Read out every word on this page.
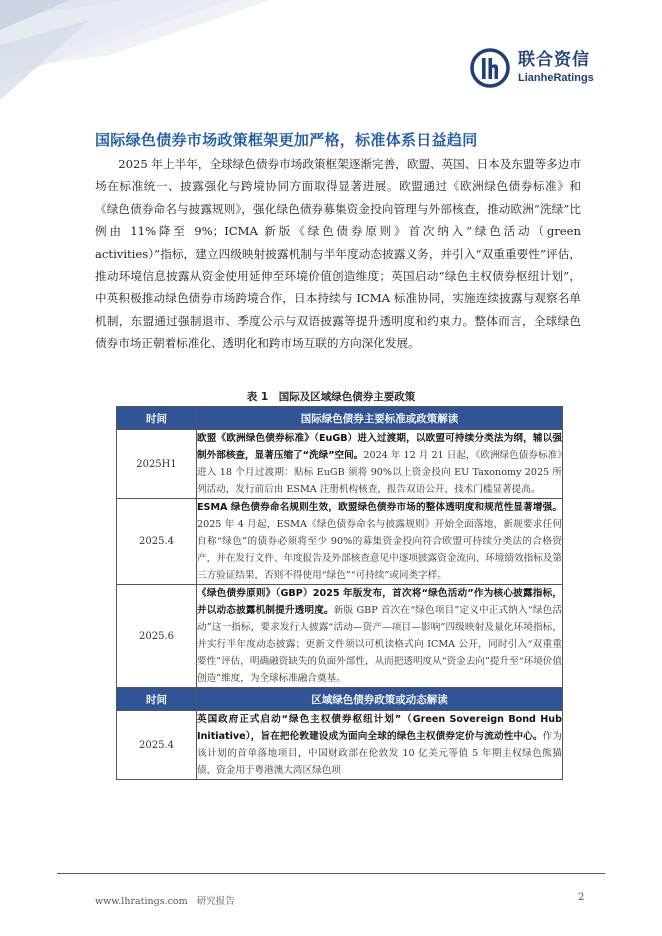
联合资信
LianheRatings
国际绿色债券市场政策框架更加严格，标准体系日益趋同

2025 年上半年，全球绿色债券市场政策框架逐渐完善，欧盟、英国、日本及东盟等多边市场在标准统一、披露强化与跨境协同方面取得显著进展。欧盟通过《欧洲绿色债券标准》和《绿色债券命名与披露规则》，强化绿色债券募集资金投向管理与外部核查，推动欧洲“洗绿”比例由 11%降至 9%；ICMA 新版《绿色债券原则》首次纳入“绿色活动（green activities）”指标，建立四级映射披露机制与半年度动态披露义务，并引入“双重重要性”评估，推动环境信息披露从资金使用延伸至环境价值创造维度；英国启动“绿色主权债券枢纽计划”，中英积极推动绿色债券市场跨境合作，日本持续与 ICMA 标准协同，实施连续披露与观察名单机制，东盟通过强制退市、季度公示与双语披露等提升透明度和约束力。整体而言，全球绿色债券市场正朝着标准化、透明化和跨市场互联的方向深化发展。

表 1　国际及区域绿色债券主要政策
时间	国际绿色债券主要标准或政策解读
2025H1	欧盟《欧洲绿色债券标准》（EuGB）进入过渡期，以欧盟可持续分类法为纲，辅以强制外部核查，显著压缩了“洗绿”空间。2024 年 12 月 21 日起，《欧洲绿色债券标准》进入 18 个月过渡期：贴标 EuGB 须将 90%以上资金投向 EU Taxonomy 2025 所列活动，发行前后由 ESMA 注册机构核查，报告双语公开，技术门槛显著提高。
2025.4	ESMA 绿色债券命名规则生效，欧盟绿色债券市场的整体透明度和规范性显著增强。2025 年 4 月起，ESMA《绿色债券命名与披露规则》开始全面落地，新规要求任何自称“绿色”的债券必须将至少 90%的募集资金投向符合欧盟可持续分类法的合格资产，并在发行文件、年度报告及外部核查意见中逐项披露资金流向、环境绩效指标及第三方验证结果，否则不得使用“绿色”“可持续”或同类字样。
2025.6	《绿色债券原则》（GBP）2025 年版发布，首次将“绿色活动”作为核心披露指标，并以动态披露机制提升透明度。新版 GBP 首次在“绿色项目”定义中正式纳入“绿色活动”这一指标，要求发行人披露“活动—资产—项目—影响”四级映射及量化环境指标，并实行半年度动态披露；更新文件须以可机读格式向 ICMA 公开，同时引入“双重重要性”评估，明确融资缺失的负面外部性，从而把透明度从“资金去向”提升至“环境价值创造”维度，为全球标准融合奠基。
时间	区域绿色债券政策或动态解读
2025.4	英国政府正式启动“绿色主权债券枢纽计划”（Green Sovereign Bond Hub Initiative），旨在把伦敦建设成为面向全球的绿色主权债券定价与流动性中心。作为该计划的首单落地项目，中国财政部在伦敦发 10 亿美元等值 5 年期主权绿色熊猫债，资金用于粤港澳大湾区绿色项
www.lhratings.com 研究报告	2
